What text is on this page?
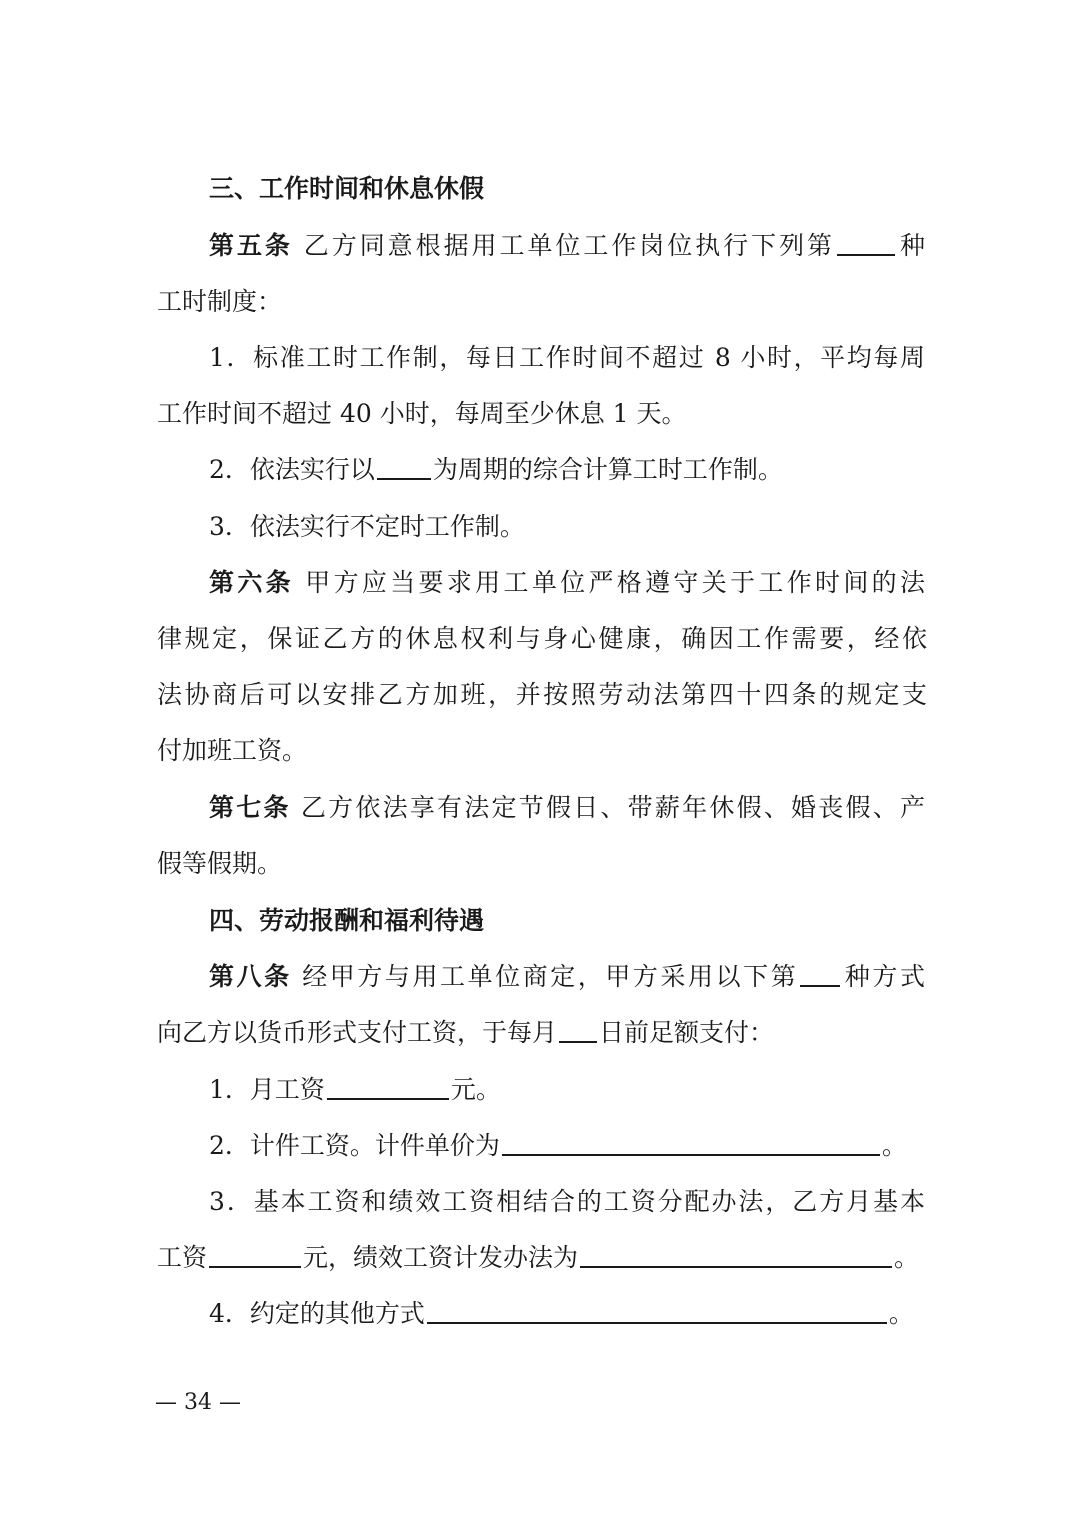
三、工作时间和休息休假
第五条 乙方同意根据用工单位工作岗位执行下列第 种
工时制度：
1．标准工时工作制，每日工作时间不超过 8 小时，平均每周
工作时间不超过 40 小时，每周至少休息 1 天。
2．依法实行以 为周期的综合计算工时工作制。
3．依法实行不定时工作制。
第六条 甲方应当要求用工单位严格遵守关于工作时间的法
律规定，保证乙方的休息权利与身心健康，确因工作需要，经依
法协商后可以安排乙方加班，并按照劳动法第四十四条的规定支
付加班工资。
第七条 乙方依法享有法定节假日、带薪年休假、婚丧假、产
假等假期。
四、劳动报酬和福利待遇
第八条 经甲方与用工单位商定，甲方采用以下第 种方式
向乙方以货币形式支付工资，于每月 日前足额支付：
1．月工资	元。
2．计件工资。计件单价为	。
3．基本工资和绩效工资相结合的工资分配办法，乙方月基本
工资	元，绩效工资计发办法为	。
4．约定的其他方式	。
— 34 —
